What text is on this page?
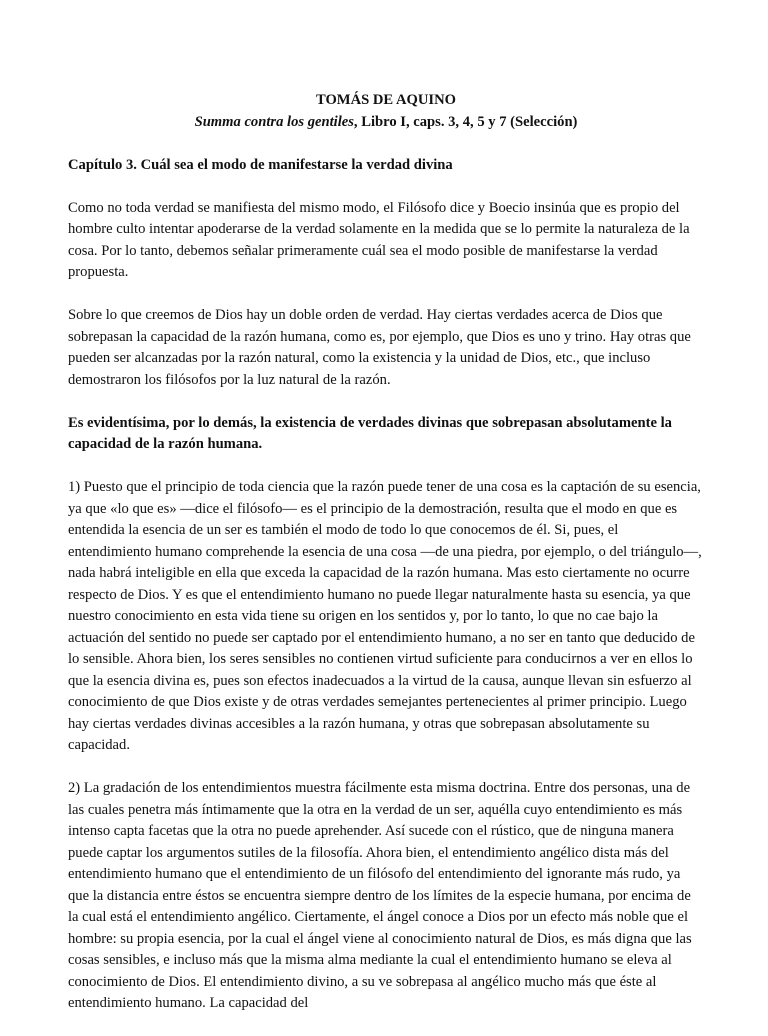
TOMÁS DE AQUINO

Summa contra los gentiles, Libro I, caps. 3, 4, 5 y 7 (Selección)

Capítulo 3. Cuál sea el modo de manifestarse la verdad divina

Como no toda verdad se manifiesta del mismo modo, el Filósofo dice y Boecio insinúa que es propio del hombre culto intentar apoderarse de la verdad solamente en la medida que se lo permite la naturaleza de la cosa. Por lo tanto, debemos señalar primeramente cuál sea el modo posible de manifestarse la verdad propuesta.

Sobre lo que creemos de Dios hay un doble orden de verdad. Hay ciertas verdades acerca de Dios que sobrepasan la capacidad de la razón humana, como es, por ejemplo, que Dios es uno y trino. Hay otras que pueden ser alcanzadas por la razón natural, como la existencia y la unidad de Dios, etc., que incluso demostraron los filósofos por la luz natural de la razón.

Es evidentísima, por lo demás, la existencia de verdades divinas que sobrepasan absolutamente la capacidad de la razón humana.

1) Puesto que el principio de toda ciencia que la razón puede tener de una cosa es la captación de su esencia, ya que «lo que es» —dice el filósofo— es el principio de la demostración, resulta que el modo en que es entendida la esencia de un ser es también el modo de todo lo que conocemos de él. Si, pues, el entendimiento humano comprehende la esencia de una cosa —de una piedra, por ejemplo, o del triángulo—, nada habrá inteligible en ella que exceda la capacidad de la razón humana. Mas esto ciertamente no ocurre respecto de Dios. Y es que el entendimiento humano no puede llegar naturalmente hasta su esencia, ya que nuestro conocimiento en esta vida tiene su origen en los sentidos y, por lo tanto, lo que no cae bajo la actuación del sentido no puede ser captado por el entendimiento humano, a no ser en tanto que deducido de lo sensible. Ahora bien, los seres sensibles no contienen virtud suficiente para conducirnos a ver en ellos lo que la esencia divina es, pues son efectos inadecuados a la virtud de la causa, aunque llevan sin esfuerzo al conocimiento de que Dios existe y de otras verdades semejantes pertenecientes al primer principio. Luego hay ciertas verdades divinas accesibles a la razón humana, y otras que sobrepasan absolutamente su capacidad.

2) La gradación de los entendimientos muestra fácilmente esta misma doctrina. Entre dos personas, una de las cuales penetra más íntimamente que la otra en la verdad de un ser, aquélla cuyo entendimiento es más intenso capta facetas que la otra no puede aprehender. Así sucede con el rústico, que de ninguna manera puede captar los argumentos sutiles de la filosofía. Ahora bien, el entendimiento angélico dista más del entendimiento humano que el entendimiento de un filósofo del entendimiento del ignorante más rudo, ya que la distancia entre éstos se encuentra siempre dentro de los límites de la especie humana, por encima de la cual está el entendimiento angélico. Ciertamente, el ángel conoce a Dios por un efecto más noble que el hombre: su propia esencia, por la cual el ángel viene al conocimiento natural de Dios, es más digna que las cosas sensibles, e incluso más que la misma alma mediante la cual el entendimiento humano se eleva al conocimiento de Dios. El entendimiento divino, a su ve sobrepasa al angélico mucho más que éste al entendimiento humano. La capacidad del
